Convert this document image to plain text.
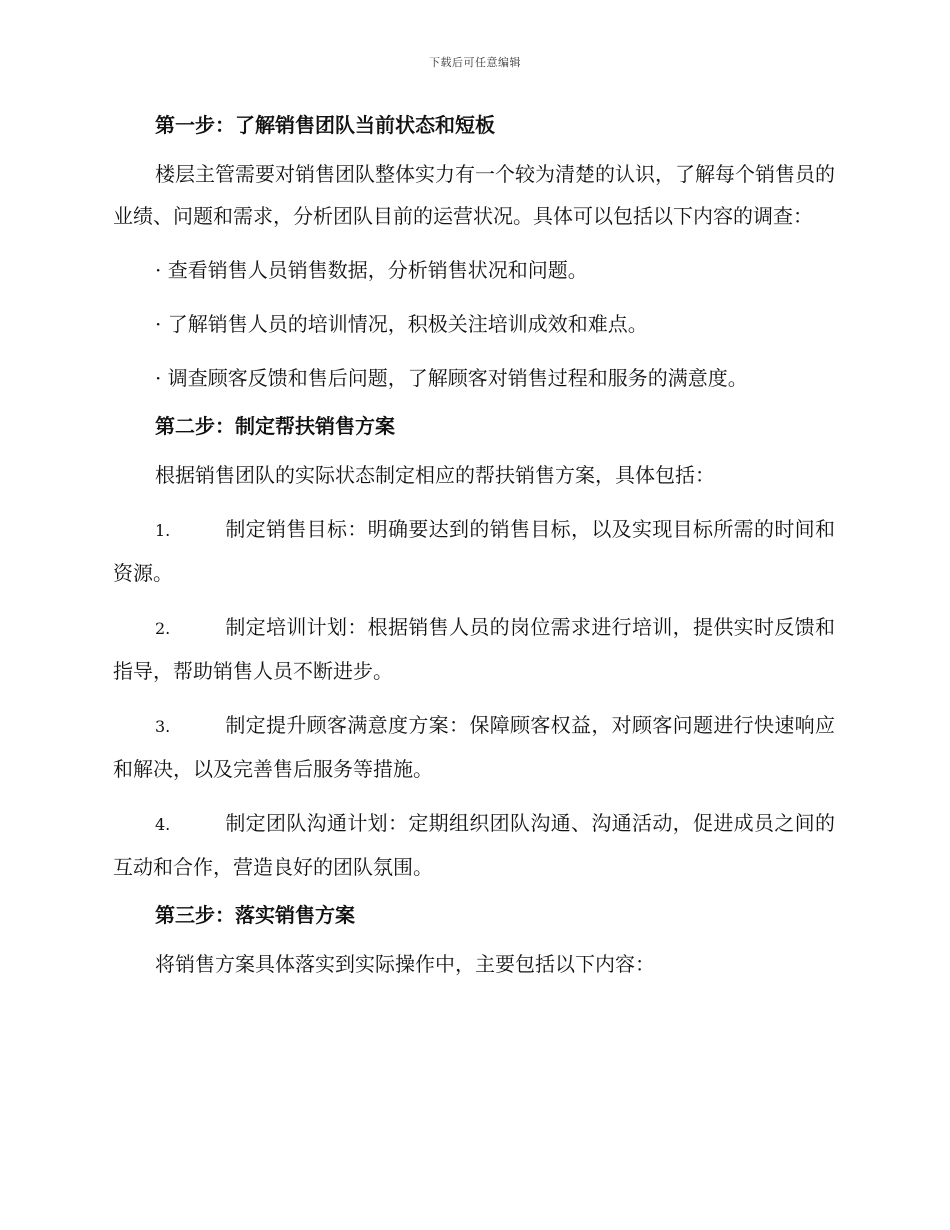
下载后可任意编辑
第一步：了解销售团队当前状态和短板

楼层主管需要对销售团队整体实力有一个较为清楚的认识，了解每个销售员的业绩、问题和需求，分析团队目前的运营状况。具体可以包括以下内容的调查：

· 查看销售人员销售数据，分析销售状况和问题。

· 了解销售人员的培训情况，积极关注培训成效和难点。

· 调查顾客反馈和售后问题，了解顾客对销售过程和服务的满意度。

第二步：制定帮扶销售方案

根据销售团队的实际状态制定相应的帮扶销售方案，具体包括：

1.	制定销售目标：明确要达到的销售目标，以及实现目标所需的时间和资源。

2.	制定培训计划：根据销售人员的岗位需求进行培训，提供实时反馈和指导，帮助销售人员不断进步。

3.	制定提升顾客满意度方案：保障顾客权益，对顾客问题进行快速响应和解决，以及完善售后服务等措施。

4.	制定团队沟通计划：定期组织团队沟通、沟通活动，促进成员之间的互动和合作，营造良好的团队氛围。

第三步：落实销售方案

将销售方案具体落实到实际操作中，主要包括以下内容：
